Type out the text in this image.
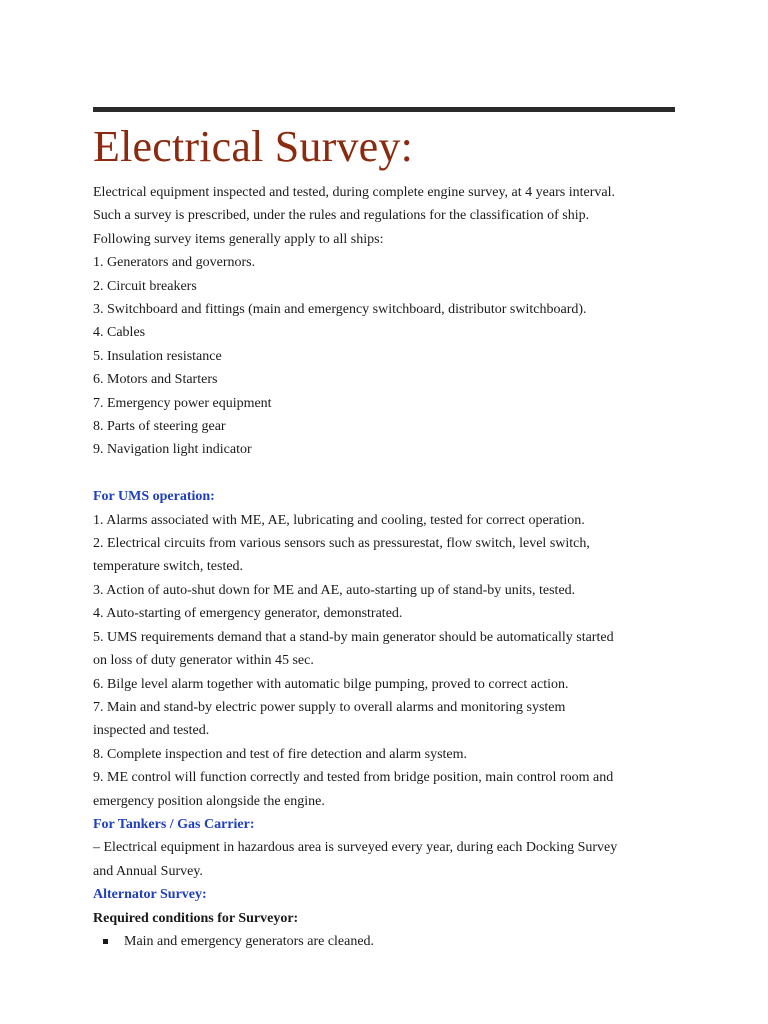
Electrical Survey:
Electrical equipment inspected and tested, during complete engine survey, at 4 years interval.
Such a survey is prescribed, under the rules and regulations for the classification of ship.
Following survey items generally apply to all ships:
1. Generators and governors.
2. Circuit breakers
3. Switchboard and fittings (main and emergency switchboard, distributor switchboard).
4. Cables
5. Insulation resistance
6. Motors and Starters
7. Emergency power equipment
8. Parts of steering gear
9. Navigation light indicator
For UMS operation:
1. Alarms associated with ME, AE, lubricating and cooling, tested for correct operation.
2. Electrical circuits from various sensors such as pressurestat, flow switch, level switch,
temperature switch, tested.
3. Action of auto-shut down for ME and AE, auto-starting up of stand-by units, tested.
4. Auto-starting of emergency generator, demonstrated.
5. UMS requirements demand that a stand-by main generator should be automatically started
on loss of duty generator within 45 sec.
6. Bilge level alarm together with automatic bilge pumping, proved to correct action.
7. Main and stand-by electric power supply to overall alarms and monitoring system
inspected and tested.
8. Complete inspection and test of fire detection and alarm system.
9. ME control will function correctly and tested from bridge position, main control room and
emergency position alongside the engine.
For Tankers / Gas Carrier:
– Electrical equipment in hazardous area is surveyed every year, during each Docking Survey
and Annual Survey.
Alternator Survey:
Required conditions for Surveyor:
Main and emergency generators are cleaned.
